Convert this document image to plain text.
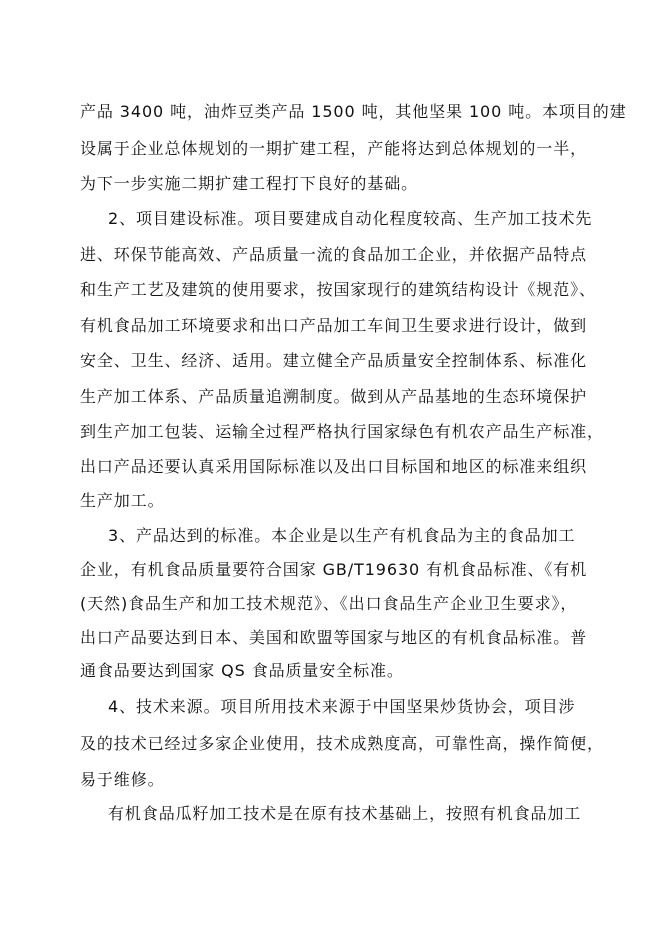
产品 3400 吨，油炸豆类产品 1500 吨，其他坚果 100 吨。本项目的建
设属于企业总体规划的一期扩建工程，产能将达到总体规划的一半，
为下一步实施二期扩建工程打下良好的基础。
2、项目建设标准。项目要建成自动化程度较高、生产加工技术先
进、环保节能高效、产品质量一流的食品加工企业，并依据产品特点
和生产工艺及建筑的使用要求，按国家现行的建筑结构设计《规范》、
有机食品加工环境要求和出口产品加工车间卫生要求进行设计，做到
安全、卫生、经济、适用。建立健全产品质量安全控制体系、标准化
生产加工体系、产品质量追溯制度。做到从产品基地的生态环境保护
到生产加工包装、运输全过程严格执行国家绿色有机农产品生产标准，
出口产品还要认真采用国际标准以及出口目标国和地区的标准来组织
生产加工。
3、产品达到的标准。本企业是以生产有机食品为主的食品加工
企业，有机食品质量要符合国家 GB/T19630 有机食品标准、《有机
(天然)食品生产和加工技术规范》、《出口食品生产企业卫生要求》，
出口产品要达到日本、美国和欧盟等国家与地区的有机食品标准。普
通食品要达到国家 QS 食品质量安全标准。
4、技术来源。项目所用技术来源于中国坚果炒货协会，项目涉
及的技术已经过多家企业使用，技术成熟度高，可靠性高，操作简便，
易于维修。
有机食品瓜籽加工技术是在原有技术基础上，按照有机食品加工
